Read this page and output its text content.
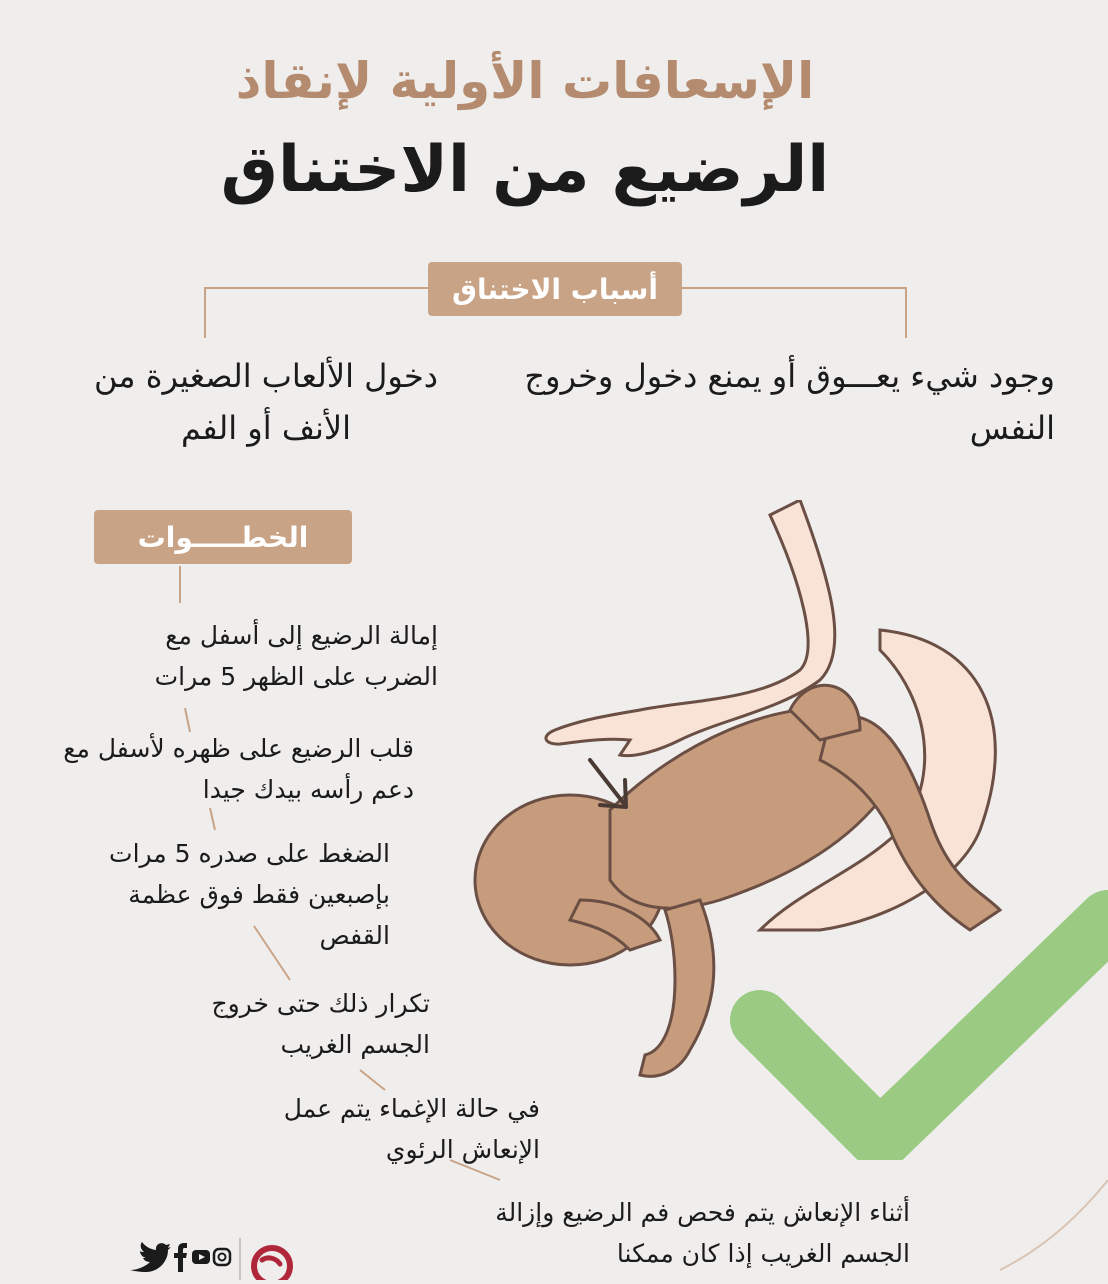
الإسعافات الأولية لإنقاذ
الرضيع من الاختناق
أسباب الاختناق
وجود شيء يعـــوق أو يمنع دخول وخروج النفس
دخول الألعاب الصغيرة من الأنف أو الفم
الخطـــــوات
إمالة الرضيع إلى أسفل مع الضرب على الظهر 5 مرات
قلب الرضيع على ظهره لأسفل مع دعم رأسه بيدك جيدا
الضغط على صدره 5 مرات بإصبعين فقط فوق عظمة القفص
تكرار ذلك حتى خروج الجسم الغريب
في حالة الإغماء يتم عمل الإنعاش الرئوي
أثناء الإنعاش يتم فحص فم الرضيع وإزالة الجسم الغريب إذا كان ممكنا
